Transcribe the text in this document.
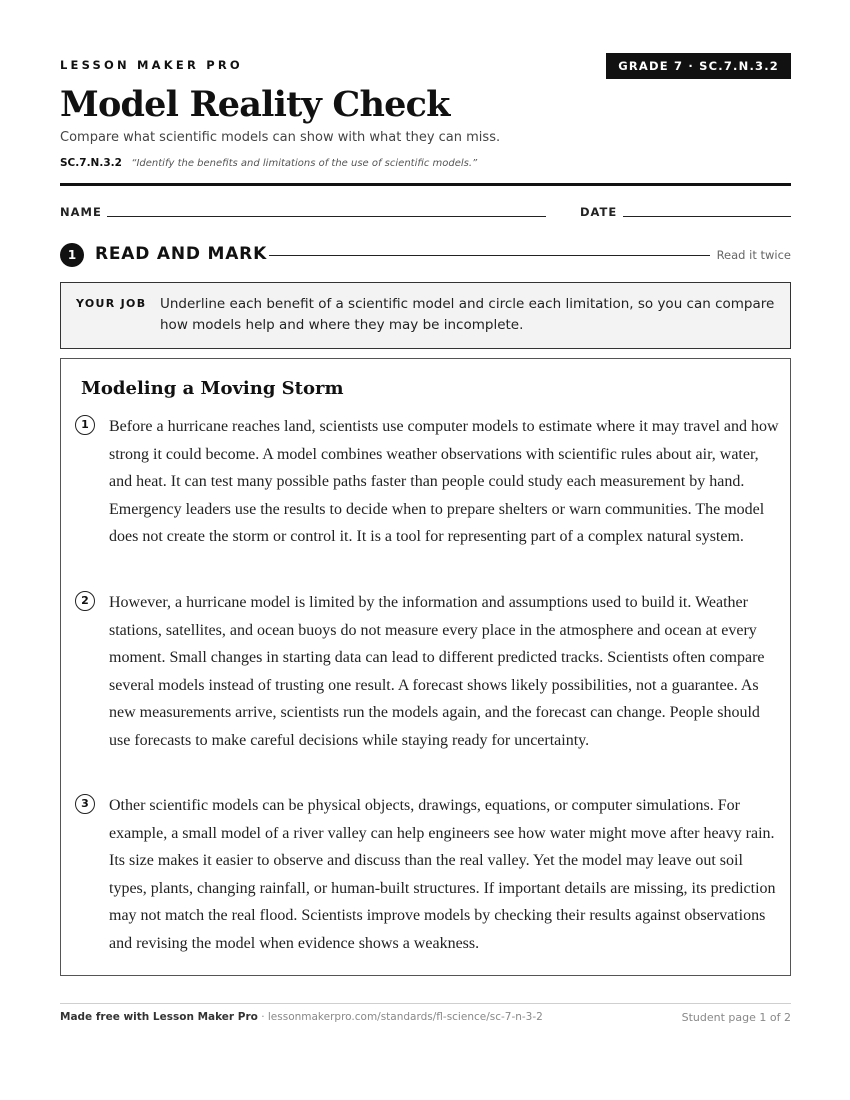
LESSON MAKER PRO	GRADE 7 · SC.7.N.3.2
Model Reality Check
Compare what scientific models can show with what they can miss.
SC.7.N.3.2 “Identify the benefits and limitations of the use of scientific models.”
NAME	DATE
1	READ AND MARK	Read it twice
YOUR JOB Underline each benefit of a scientific model and circle each limitation, so you can compare how models help and where they may be incomplete.
Modeling a Moving Storm
1	Before a hurricane reaches land, scientists use computer models to estimate where it may travel and how strong it could become. A model combines weather observations with scientific rules about air, water, and heat. It can test many possible paths faster than people could study each measurement by hand. Emergency leaders use the results to decide when to prepare shelters or warn communities. The model does not create the storm or control it. It is a tool for representing part of a complex natural system.

2	However, a hurricane model is limited by the information and assumptions used to build it. Weather stations, satellites, and ocean buoys do not measure every place in the atmosphere and ocean at every moment. Small changes in starting data can lead to different predicted tracks. Scientists often compare several models instead of trusting one result. A forecast shows likely possibilities, not a guarantee. As new measurements arrive, scientists run the models again, and the forecast can change. People should use forecasts to make careful decisions while staying ready for uncertainty.

3	Other scientific models can be physical objects, drawings, equations, or computer simulations. For example, a small model of a river valley can help engineers see how water might move after heavy rain. Its size makes it easier to observe and discuss than the real valley. Yet the model may leave out soil types, plants, changing rainfall, or human-built structures. If important details are missing, its prediction may not match the real flood. Scientists improve models by checking their results against observations and revising the model when evidence shows a weakness.

Made free with Lesson Maker Pro · lessonmakerpro.com/standards/fl-science/sc-7-n-3-2	Student page 1 of 2
